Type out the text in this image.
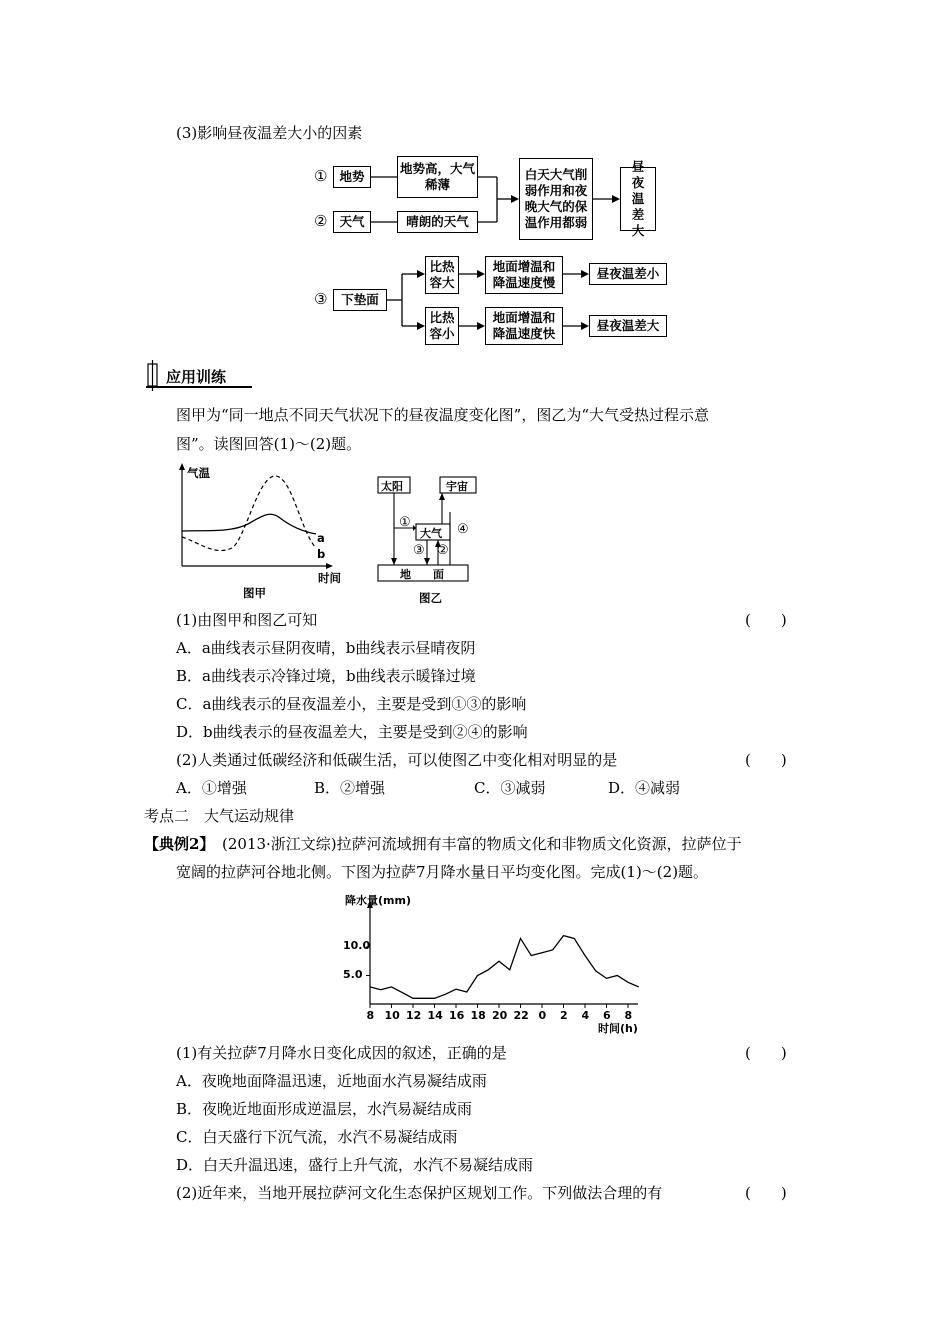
(3)影响昼夜温差大小的因素
① 地势
地势高，大气稀薄
② 天气	晴朗的天气
白天大气削弱作用和夜晚大气的保温作用都弱
昼夜温差大
③	下垫面
比热容大
比热容小
地面增温和降温速度慢
地面增温和降温速度快
昼夜温差小
昼夜温差大
应用训练
图甲为“同一地点不同天气状况下的昼夜温度变化图”，图乙为“大气受热过程示意
图”。读图回答(1)～(2)题。
气温
时间
a
b
图甲
太阳	宇宙
大气
地　　面
①
③ ②
④
图乙
(1)由图甲和图乙可知	(　　)
A．a曲线表示昼阴夜晴，b曲线表示昼晴夜阴
B．a曲线表示冷锋过境，b曲线表示暖锋过境
C．a曲线表示的昼夜温差小，主要是受到①③的影响
D．b曲线表示的昼夜温差大，主要是受到②④的影响
(2)人类通过低碳经济和低碳生活，可以使图乙中变化相对明显的是	(　　)
A．①增强	B．②增强	C．③减弱	D．④减弱
考点二　大气运动规律
【典例2】 (2013·浙江文综)拉萨河流域拥有丰富的物质文化和非物质文化资源，拉萨位于
宽阔的拉萨河谷地北侧。下图为拉萨7月降水量日平均变化图。完成(1)～(2)题。
降水量(mm)
时间(h)
8 10 12 14 16 18 20 22 0 2 4 6 8
10.0
5.0
(1)有关拉萨7月降水日变化成因的叙述，正确的是	(　　)
A．夜晚地面降温迅速，近地面水汽易凝结成雨
B．夜晚近地面形成逆温层，水汽易凝结成雨
C．白天盛行下沉气流，水汽不易凝结成雨
D．白天升温迅速，盛行上升气流，水汽不易凝结成雨
(2)近年来，当地开展拉萨河文化生态保护区规划工作。下列做法合理的有	(　　)
